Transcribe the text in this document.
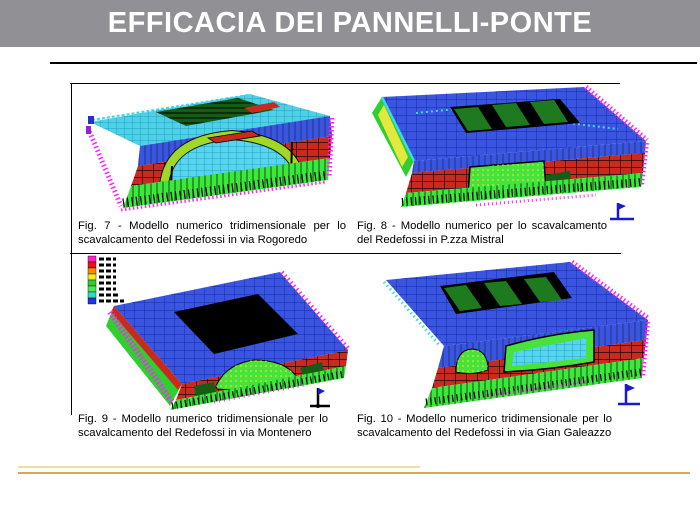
EFFICACIA DEI PANNELLI-PONTE

Fig. 7 - Modello numerico tridimensionale per lo scavalcamento del Redefossi in via Rogoredo

Fig. 8 - Modello numerico per lo scavalcamento del Redefossi in P.zza Mistral

Fig. 9 - Modello numerico tridimensionale per lo scavalcamento del Redefossi in via Montenero

Fig. 10 - Modello numerico tridimensionale per lo scavalcamento del Redefossi in via Gian Galeazzo
